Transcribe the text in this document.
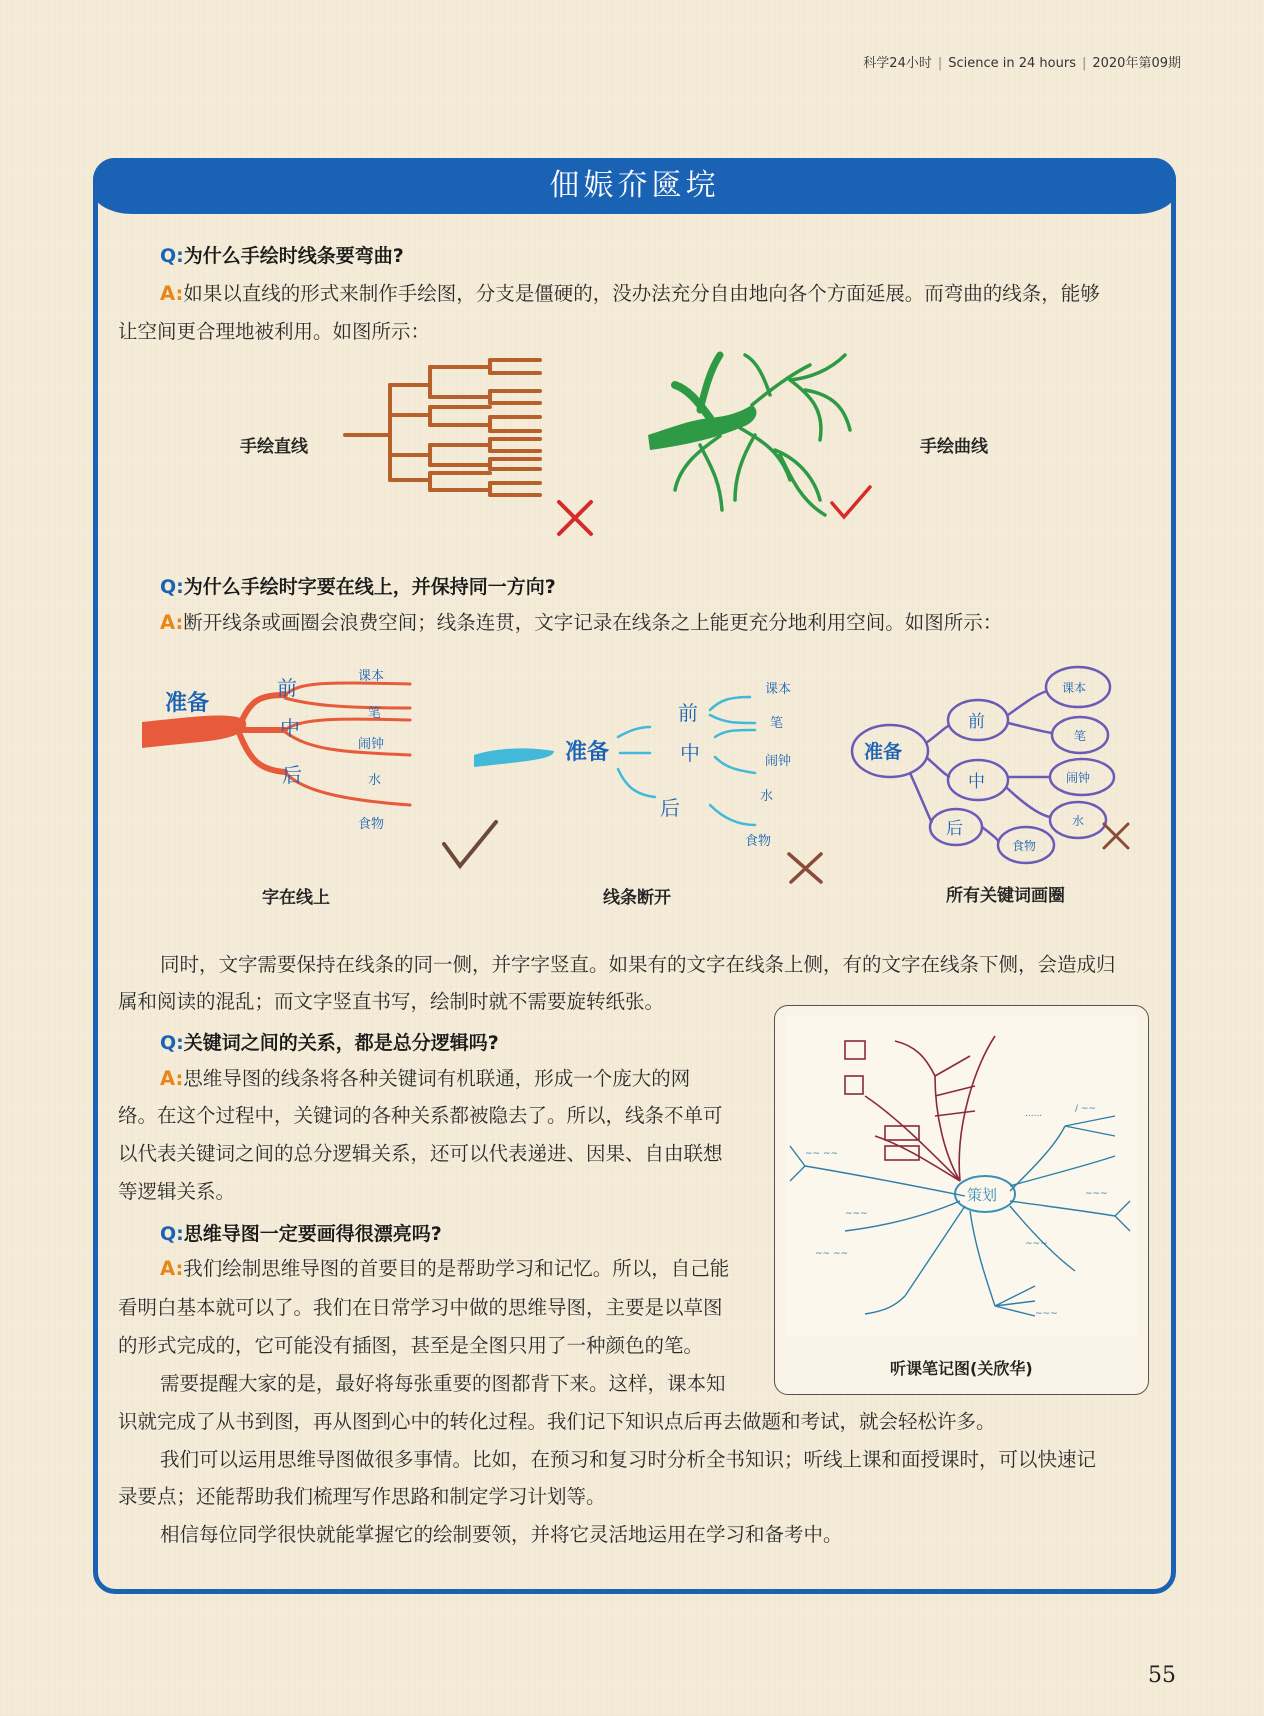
科学24小时 | Science in 24 hours | 2020年第09期
佃娠夼匳垸
Q:为什么手绘时线条要弯曲?
A:如果以直线的形式来制作手绘图，分支是僵硬的，没办法充分自由地向各个方面延展。而弯曲的线条，能够
让空间更合理地被利用。如图所示：
手绘直线	手绘曲线
Q:为什么手绘时字要在线上，并保持同一方向?
A:断开线条或画圈会浪费空间；线条连贯，文字记录在线条之上能更充分地利用空间。如图所示：
准备
前
中
后
课本
笔
闹钟
水
食物
字在线上
准备
前
中
后
课本
笔
闹钟
水
食物
线条断开
准备
前
中
后
课本
笔
闹钟
水
食物
所有关键词画圈
同时，文字需要保持在线条的同一侧，并字字竖直。如果有的文字在线条上侧，有的文字在线条下侧，会造成归
属和阅读的混乱；而文字竖直书写，绘制时就不需要旋转纸张。
Q:关键词之间的关系，都是总分逻辑吗?
A:思维导图的线条将各种关键词有机联通，形成一个庞大的网
络。在这个过程中，关键词的各种关系都被隐去了。所以，线条不单可
以代表关键词之间的总分逻辑关系，还可以代表递进、因果、自由联想
等逻辑关系。
Q:思维导图一定要画得很漂亮吗?
A:我们绘制思维导图的首要目的是帮助学习和记忆。所以，自己能
看明白基本就可以了。我们在日常学习中做的思维导图，主要是以草图
的形式完成的，它可能没有插图，甚至是全图只用了一种颜色的笔。
需要提醒大家的是，最好将每张重要的图都背下来。这样，课本知
识就完成了从书到图，再从图到心中的转化过程。我们记下知识点后再去做题和考试，就会轻松许多。
我们可以运用思维导图做很多事情。比如，在预习和复习时分析全书知识；听线上课和面授课时，可以快速记
录要点；还能帮助我们梳理写作思路和制定学习计划等。
相信每位同学很快就能掌握它的绘制要领，并将它灵活地运用在学习和备考中。
策划
......	/ ~~
~~ ~~
~~~
~~~
~~~
~~ ~~
~~~
听课笔记图(关欣华)
55
